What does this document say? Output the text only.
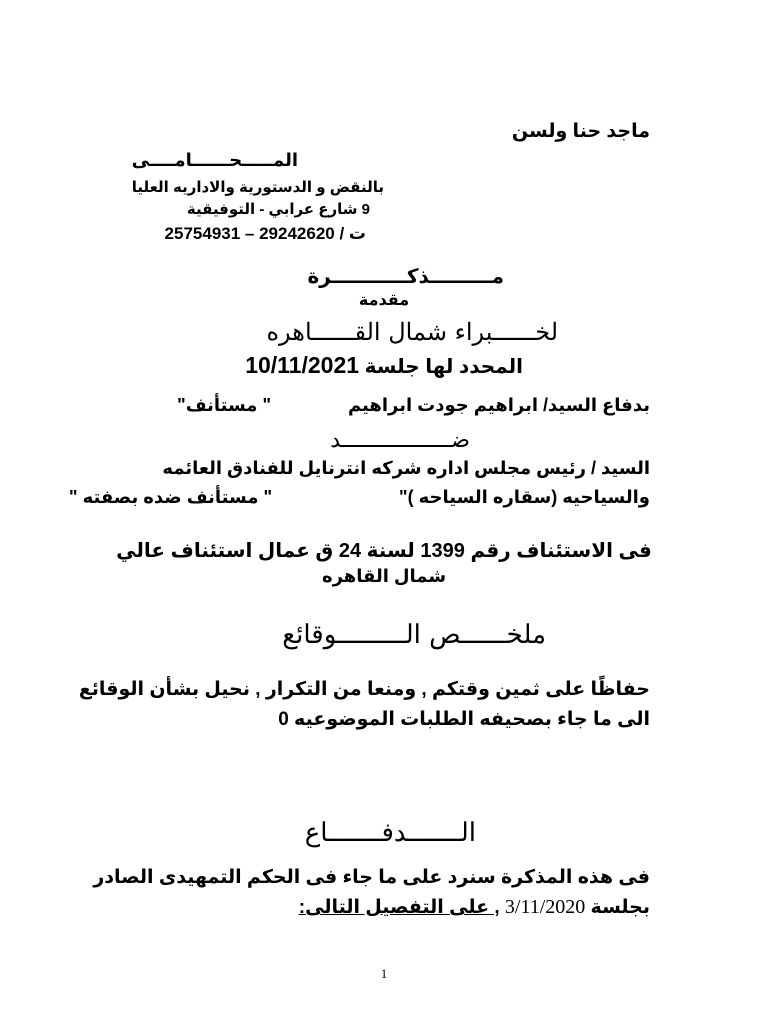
ماجد حنا ولسن
المـــــحــــــامــــى
بالنقض و الدستورية والاداريه العليا
9 شارع عرابي - التوفيقية
ت / 29242620 – 25754931
مـــــــــذكـــــــــــرة
مقدمة
لخــــــبراء شمال القــــــاهره
المحدد لها جلسة 10/11/2021
بدفاع السيد/ ابراهيم جودت ابراهيم
" مستأنف"
ضـــــــــــــــــد
السيد / رئيس مجلس اداره شركه انترنايل للفنادق العائمه
والسياحيه (سقاره السياحه )"
" مستأنف ضده بصفته "
فى الاستئناف رقم 1399 لسنة 24 ق عمال استئناف عالي
شمال القاهره
ملخــــــص الـــــــــوقائع
حفاظًا على ثمين وقتكم , ومنعا من التكرار , نحيل بشأن الوقائع
الى ما جاء بصحيفه الطلبات الموضوعيه 0
الـــــــدفـــــــاع
فى هذه المذكرة سنرد على ما جاء فى الحكم التمهيدى الصادر
بجلسة 3/11/2020 , على التفصيل التالى:
1
